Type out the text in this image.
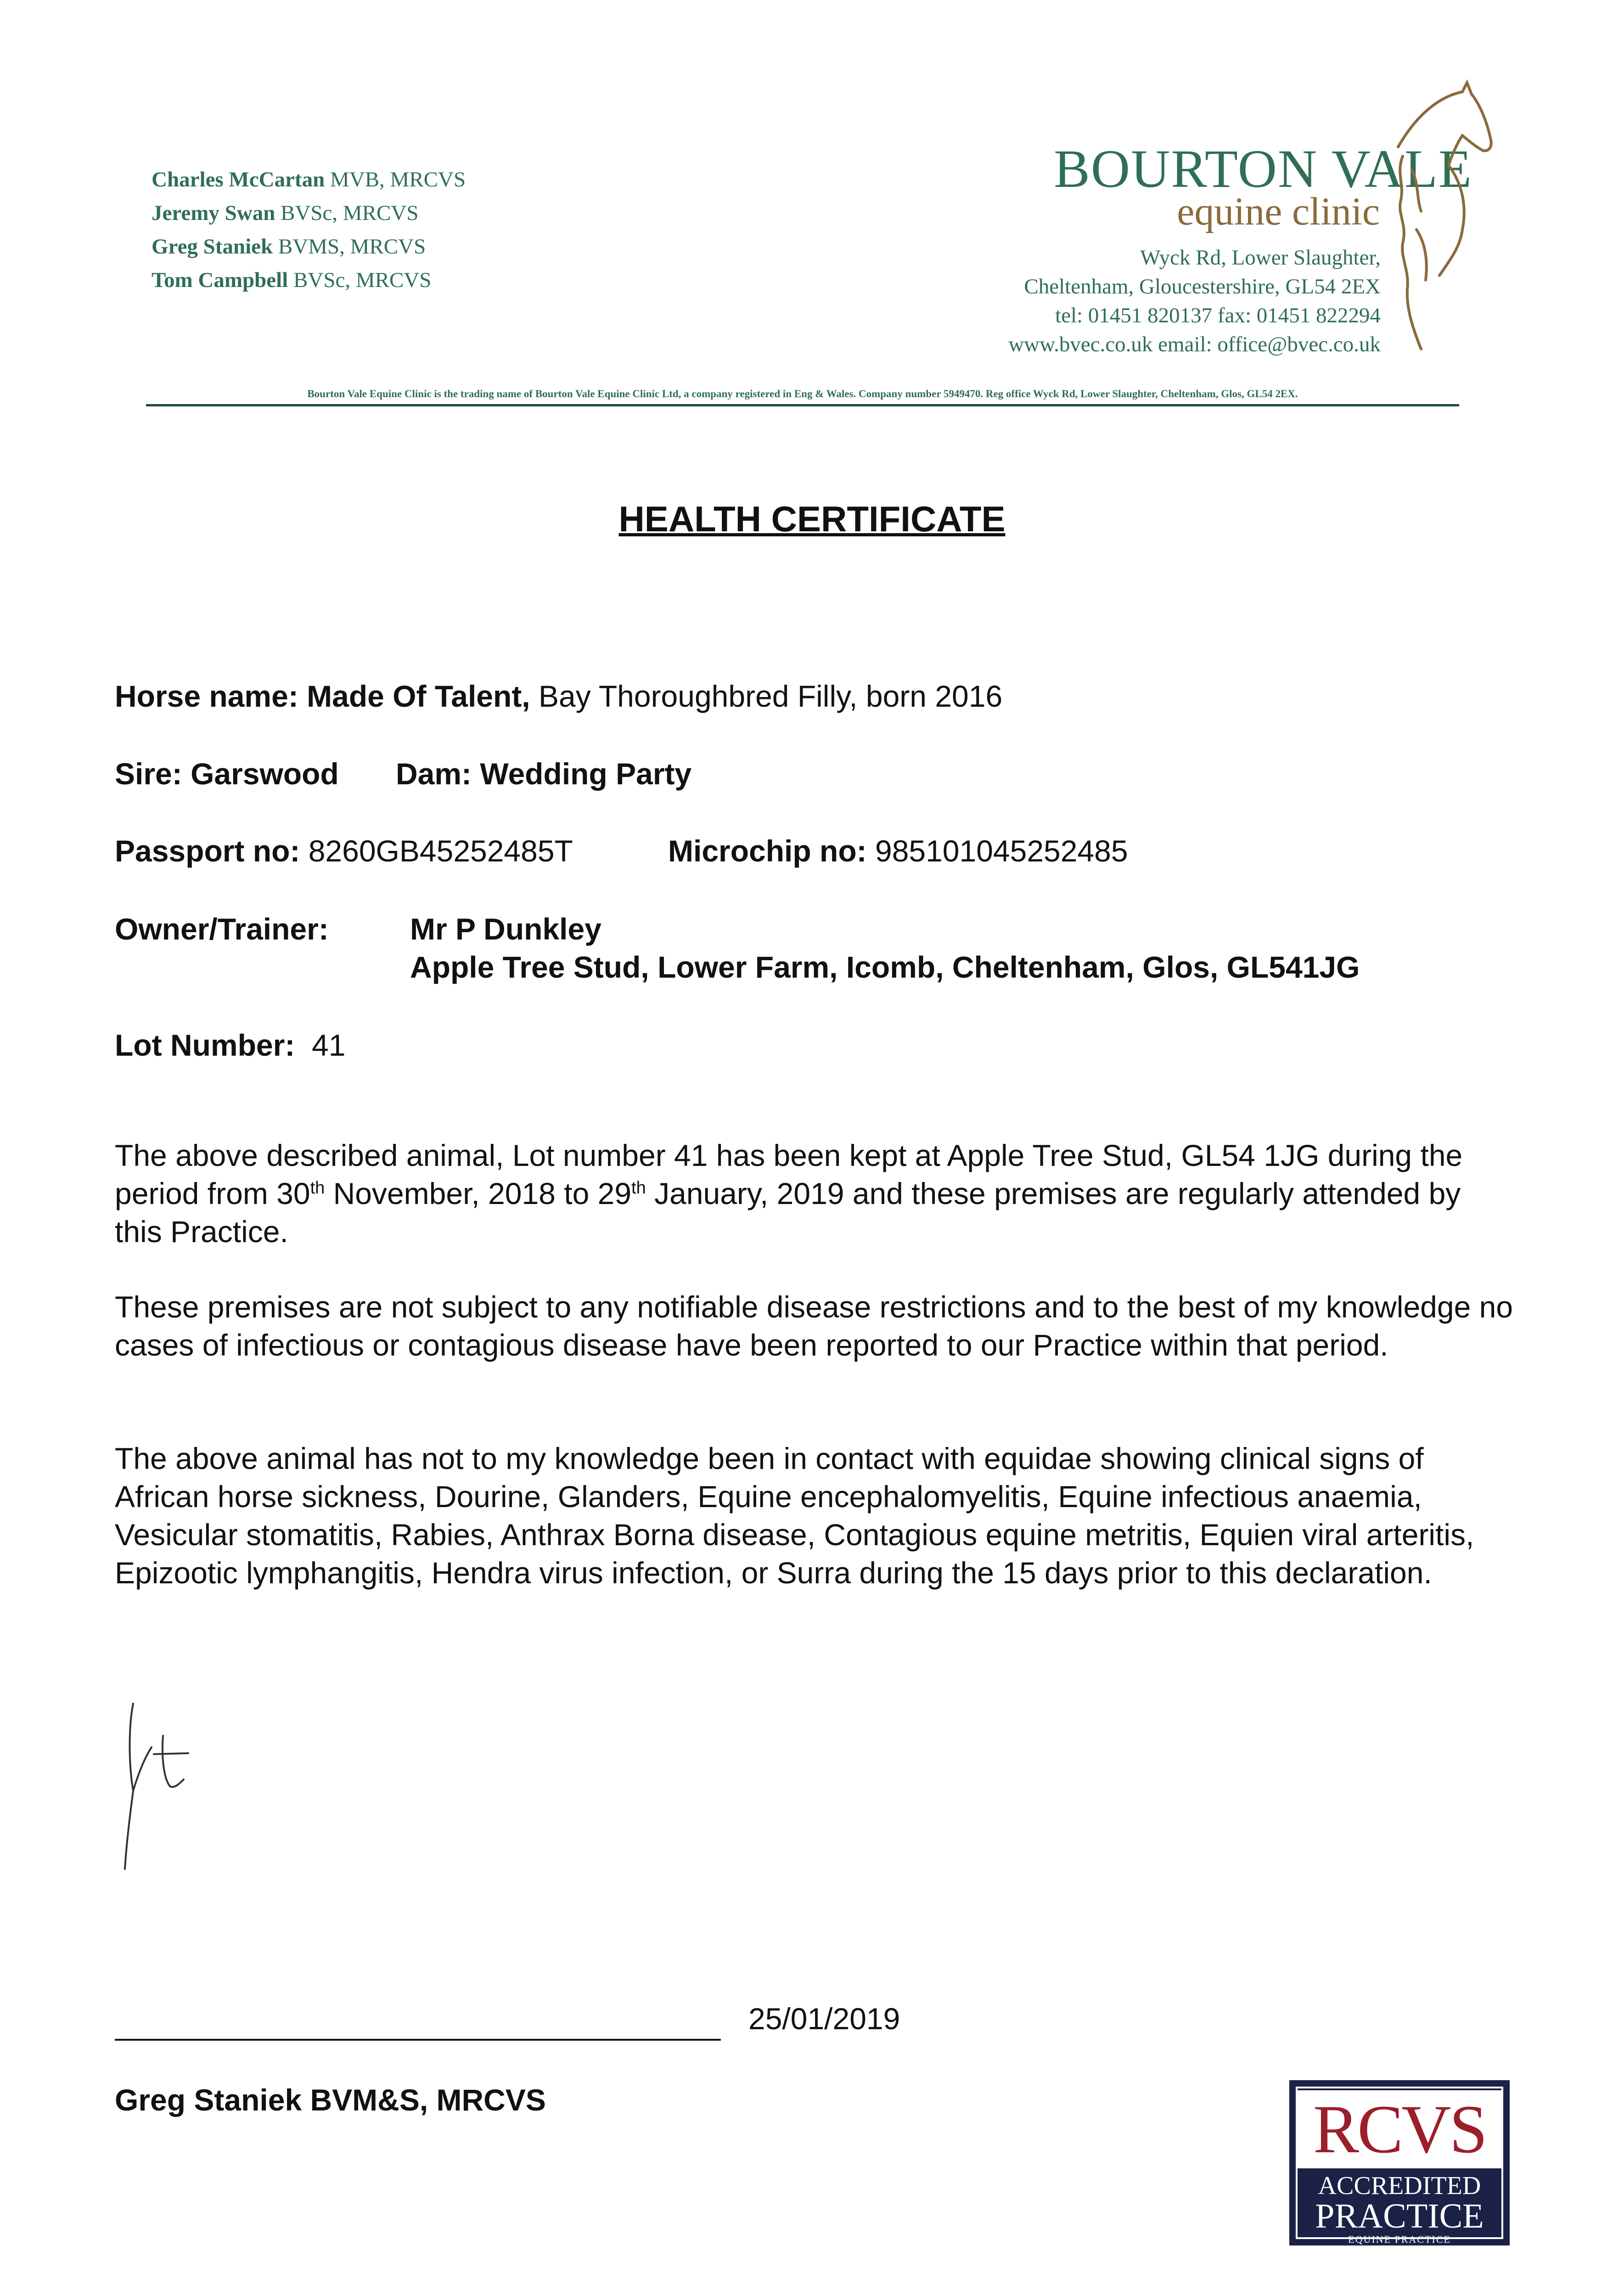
Charles McCartan MVB, MRCVS
Jeremy Swan BVSc, MRCVS
Greg Staniek BVMS, MRCVS
Tom Campbell BVSc, MRCVS
BOURTON VALE
equine clinic
Wyck Rd, Lower Slaughter,
Cheltenham, Gloucestershire, GL54 2EX
tel: 01451 820137 fax: 01451 822294
www.bvec.co.uk email: office@bvec.co.uk
Bourton Vale Equine Clinic is the trading name of Bourton Vale Equine Clinic Ltd, a company registered in Eng & Wales. Company number 5949470. Reg office Wyck Rd, Lower Slaughter, Cheltenham, Glos, GL54 2EX.
HEALTH CERTIFICATE
Horse name: Made Of Talent, Bay Thoroughbred Filly, born 2016
Sire: Garswood Dam: Wedding Party
Passport no: 8260GB45252485T	Microchip no: 985101045252485
Owner/Trainer:	Mr P Dunkley
Apple Tree Stud, Lower Farm, Icomb, Cheltenham, Glos, GL541JG
Lot Number: 41
The above described animal, Lot number 41 has been kept at Apple Tree Stud, GL54 1JG during the period from 30th November, 2018 to 29th January, 2019 and these premises are regularly attended by this Practice.
These premises are not subject to any notifiable disease restrictions and to the best of my knowledge no cases of infectious or contagious disease have been reported to our Practice within that period.
The above animal has not to my knowledge been in contact with equidae showing clinical signs of African horse sickness, Dourine, Glanders, Equine encephalomyelitis, Equine infectious anaemia, Vesicular stomatitis, Rabies, Anthrax Borna disease, Contagious equine metritis, Equien viral arteritis, Epizootic lymphangitis, Hendra virus infection, or Surra during the 15 days prior to this declaration.
25/01/2019
Greg Staniek BVM&S, MRCVS	RCVS
ACCREDITED
PRACTICE
EQUINE PRACTICE
